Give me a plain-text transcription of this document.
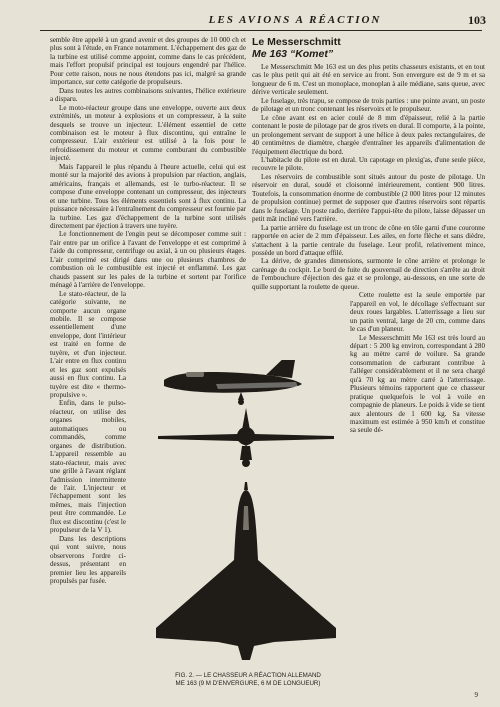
LES AVIONS A RÉACTION	103

semble être appelé à un grand avenir et des groupes de 10 000 ch et plus sont à l'étude, en France notamment. L'échappement des gaz de la turbine est utilisé comme appoint, comme dans le cas précédent, mais l'effort propulsif principal est toujours engendré par l'hélice. Pour cette raison, nous ne nous étendons pas ici, malgré sa grande importance, sur cette catégorie de propulseurs.

Dans toutes les autres combinaisons suivantes, l'hélice extérieure a disparu.

Le moto-réacteur groupe dans une enveloppe, ouverte aux deux extrémités, un moteur à explosions et un compresseur, à la suite desquels se trouve un injecteur. L'élément essentiel de cette combinaison est le moteur à flux discontinu, qui entraîne le compresseur. L'air extérieur est utilisé à la fois pour le refroidissement du moteur et comme comburant du combustible injecté.

Mais l'appareil le plus répandu à l'heure actuelle, celui qui est monté sur la majorité des avions à propulsion par réaction, anglais, américains, français et allemands, est le turbo-réacteur. Il se compose d'une enveloppe contenant un compresseur, des injecteurs et une turbine. Tous les éléments essentiels sont à flux continu. La puissance nécessaire à l'entraînement du compresseur est fournie par la turbine. Les gaz d'échappement de la turbine sont utilisés directement par éjection à travers une tuyère.

Le fonctionnement de l'engin peut se décomposer comme suit : l'air entre par un orifice à l'avant de l'enveloppe et est comprimé à l'aide du compresseur, centrifuge ou axial, à un ou plusieurs étages. L'air comprimé est dirigé dans une ou plusieurs chambres de combustion où le combustible est injecté et enflammé. Les gaz chauds passent sur les pales de la turbine et sortent par l'orifice ménagé à l'arrière de l'enveloppe.

Le stato-réacteur, de la catégorie suivante, ne comporte aucun organe mobile. Il se compose essentiellement d'une enveloppe, dont l'intérieur est traité en forme de tuyère, et d'un injecteur. L'air entre en flux continu et les gaz sont expulsés aussi en flux continu. La tuyère est dite « thermo-propulsive ».

Enfin, dans le pulso-réacteur, on utilise des organes mobiles, automatiques ou commandés, comme organes de distribution. L'appareil ressemble au stato-réacteur, mais avec une grille à l'avant réglant l'admission intermittente de l'air. L'injecteur et l'échappement sont les mêmes, mais l'injection peut être commandée. Le flux est discontinu (c'est le propulseur de la V 1).

Dans les descriptions qui vont suivre, nous observerons l'ordre ci-dessus, présentant en premier lieu les appareils propulsés par fusée.

Le Messerschmitt
Me 163 “Komet”

Le Messerschmitt Me 163 est un des plus petits chasseurs existants, et en tout cas le plus petit qui ait été en service au front. Son envergure est de 9 m et sa longueur de 6 m. C'est un monoplace, monoplan à aile médiane, sans queue, avec dérive verticale seulement.

Le fuselage, très trapu, se compose de trois parties : une pointe avant, un poste de pilotage et un tronc contenant les réservoirs et le propulseur.

Le cône avant est en acier coulé de 8 mm d'épaisseur, relié à la partie contenant le poste de pilotage par de gros rivets en dural. Il comporte, à la pointe, un prolongement servant de support à une hélice à deux pales rectangulaires, de 40 centimètres de diamètre, chargée d'entraîner les appareils d'alimentation de l'équipement électrique du bord.

L'habitacle du pilote est en dural. Un capotage en plexig'as, d'une seule pièce, recouvre le pilote.

Les réservoirs de combustible sont situés autour du poste de pilotage. Un réservoir en dural, soudé et cloisonné intérieurement, contient 900 litres. Toutefois, la consommation énorme de combustible (2 000 litres pour 12 minutes de propulsion continue) permet de supposer que d'autres réservoirs sont répartis dans le fuselage. Un poste radio, derrière l'appui-tête du pilote, laisse dépasser un petit mât incliné vers l'arrière.

La partie arrière du fuselage est un tronc de cône en tôle garni d'une couronne rapportée en acier de 2 mm d'épaisseur. Les ailes, en forte flèche et sans dièdre, s'attachent à la partie centrale du fuselage. Leur profil, relativement mince, possède un bord d'attaque effilé.

La dérive, de grandes dimensions, surmonte le cône arrière et prolonge le carénage du cockpit. Le bord de fuite du gouvernail de direction s'arrête au droit de l'embouchure d'éjection des gaz et se prolonge, au-dessous, en une sorte de quille supportant la roulette de queue.

Cette roulette est la seule emportée par l'appareil en vol, le décollage s'effectuant sur deux roues largables. L'atterrissage a lieu sur un patin ventral, large de 20 cm, comme dans le cas d'un planeur.

Le Messerschmitt Me 163 est très lourd au départ : 5 200 kg environ, correspondant à 280 kg au mètre carré de voilure. Sa grande consommation de carburant contribue à l'alléger considérablement et il ne sera chargé qu'à 70 kg au mètre carré à l'atterrissage. Plusieurs témoins rapportent que ce chasseur pratique quelquefois le vol à voile en compagnie de planeurs. Le poids à vide se tient aux alentours de 1 600 kg. Sa vitesse maximum est estimée à 950 km/h et constitue sa seule dé-

FIG. 2. — LE CHASSEUR A RÉACTION ALLEMAND
ME 163 (9 M D'ENVERGURE, 6 M DE LONGUEUR)
9
